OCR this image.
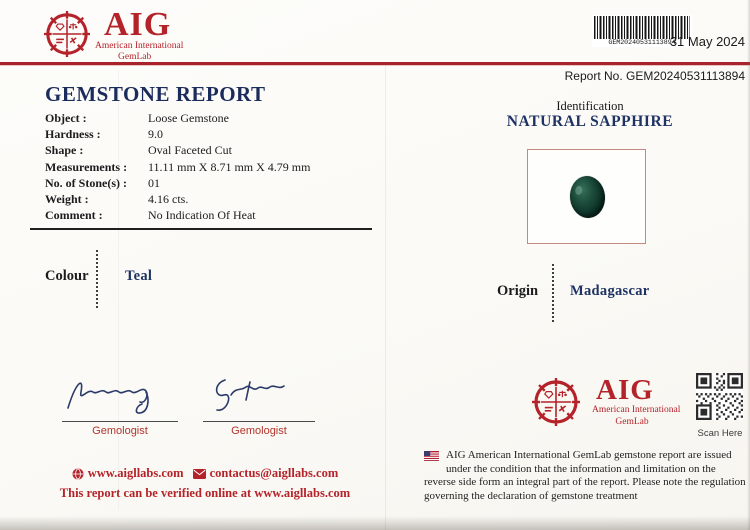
AIG
American International
GemLab
GEM20240531113894
31 May 2024
Report No. GEM20240531113894
GEMSTONE REPORT
Object :	Loose Gemstone
Hardness :	9.0
Shape :	Oval Faceted Cut
Measurements :	11.11 mm X 8.71 mm X 4.79 mm
No. of Stone(s) :	01
Weight :	4.16 cts.
Comment :	No Indication Of Heat
Colour	Teal
Gemologist	Gemologist
www.aigllabs.com contactus@aigllabs.com
This report can be verified online at www.aigllabs.com
Identification
NATURAL SAPPHIRE
Origin Madagascar
AIG
American International
GemLab
Scan Here
AIG American International GemLab gemstone report are issued under the condition that the information and limitation on the reverse side form an integral part of the report. Please note the regulation governing the declaration of gemstone treatment
